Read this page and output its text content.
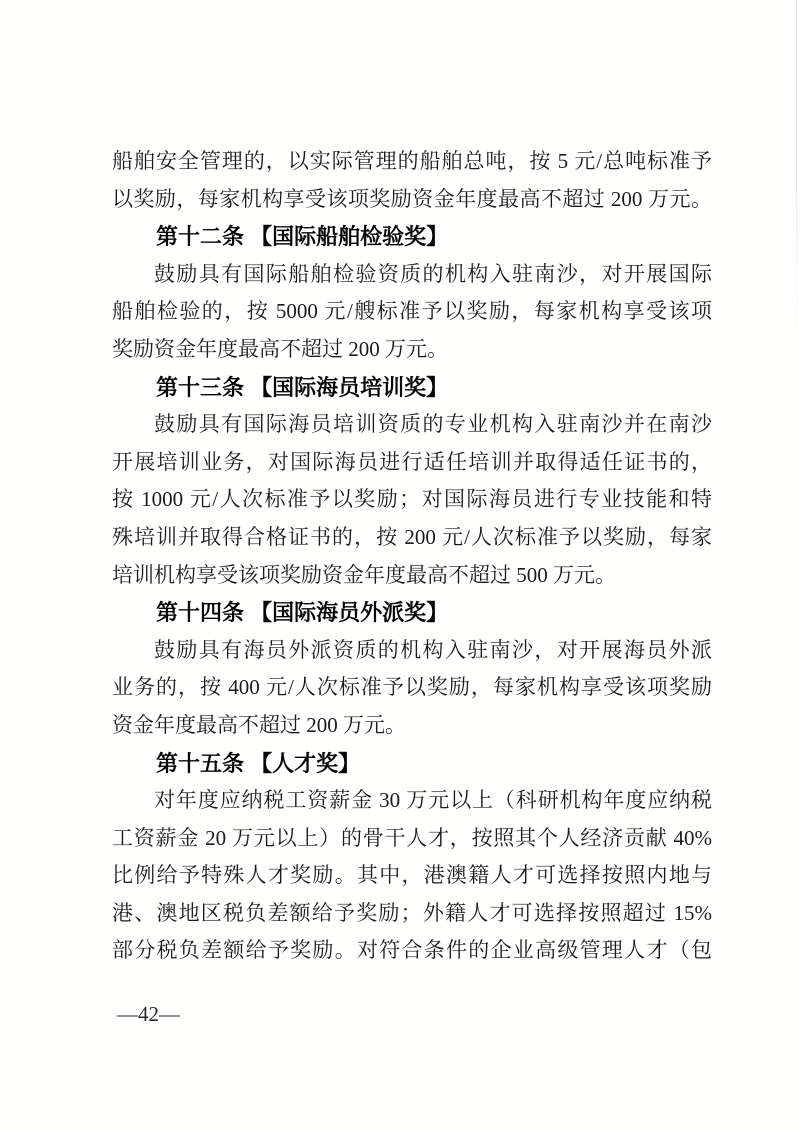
船舶安全管理的，以实际管理的船舶总吨，按 5 元/总吨标准予
以奖励，每家机构享受该项奖励资金年度最高不超过 200 万元。
第十二条 【国际船舶检验奖】
鼓励具有国际船舶检验资质的机构入驻南沙，对开展国际
船舶检验的，按 5000 元/艘标准予以奖励，每家机构享受该项
奖励资金年度最高不超过 200 万元。
第十三条 【国际海员培训奖】
鼓励具有国际海员培训资质的专业机构入驻南沙并在南沙
开展培训业务，对国际海员进行适任培训并取得适任证书的，
按 1000 元/人次标准予以奖励；对国际海员进行专业技能和特
殊培训并取得合格证书的，按 200 元/人次标准予以奖励，每家
培训机构享受该项奖励资金年度最高不超过 500 万元。
第十四条 【国际海员外派奖】
鼓励具有海员外派资质的机构入驻南沙，对开展海员外派
业务的，按 400 元/人次标准予以奖励，每家机构享受该项奖励
资金年度最高不超过 200 万元。
第十五条 【人才奖】
对年度应纳税工资薪金 30 万元以上（科研机构年度应纳税
工资薪金 20 万元以上）的骨干人才，按照其个人经济贡献 40%
比例给予特殊人才奖励。其中，港澳籍人才可选择按照内地与
港、澳地区税负差额给予奖励；外籍人才可选择按照超过 15%
部分税负差额给予奖励。对符合条件的企业高级管理人才（包
—42—
